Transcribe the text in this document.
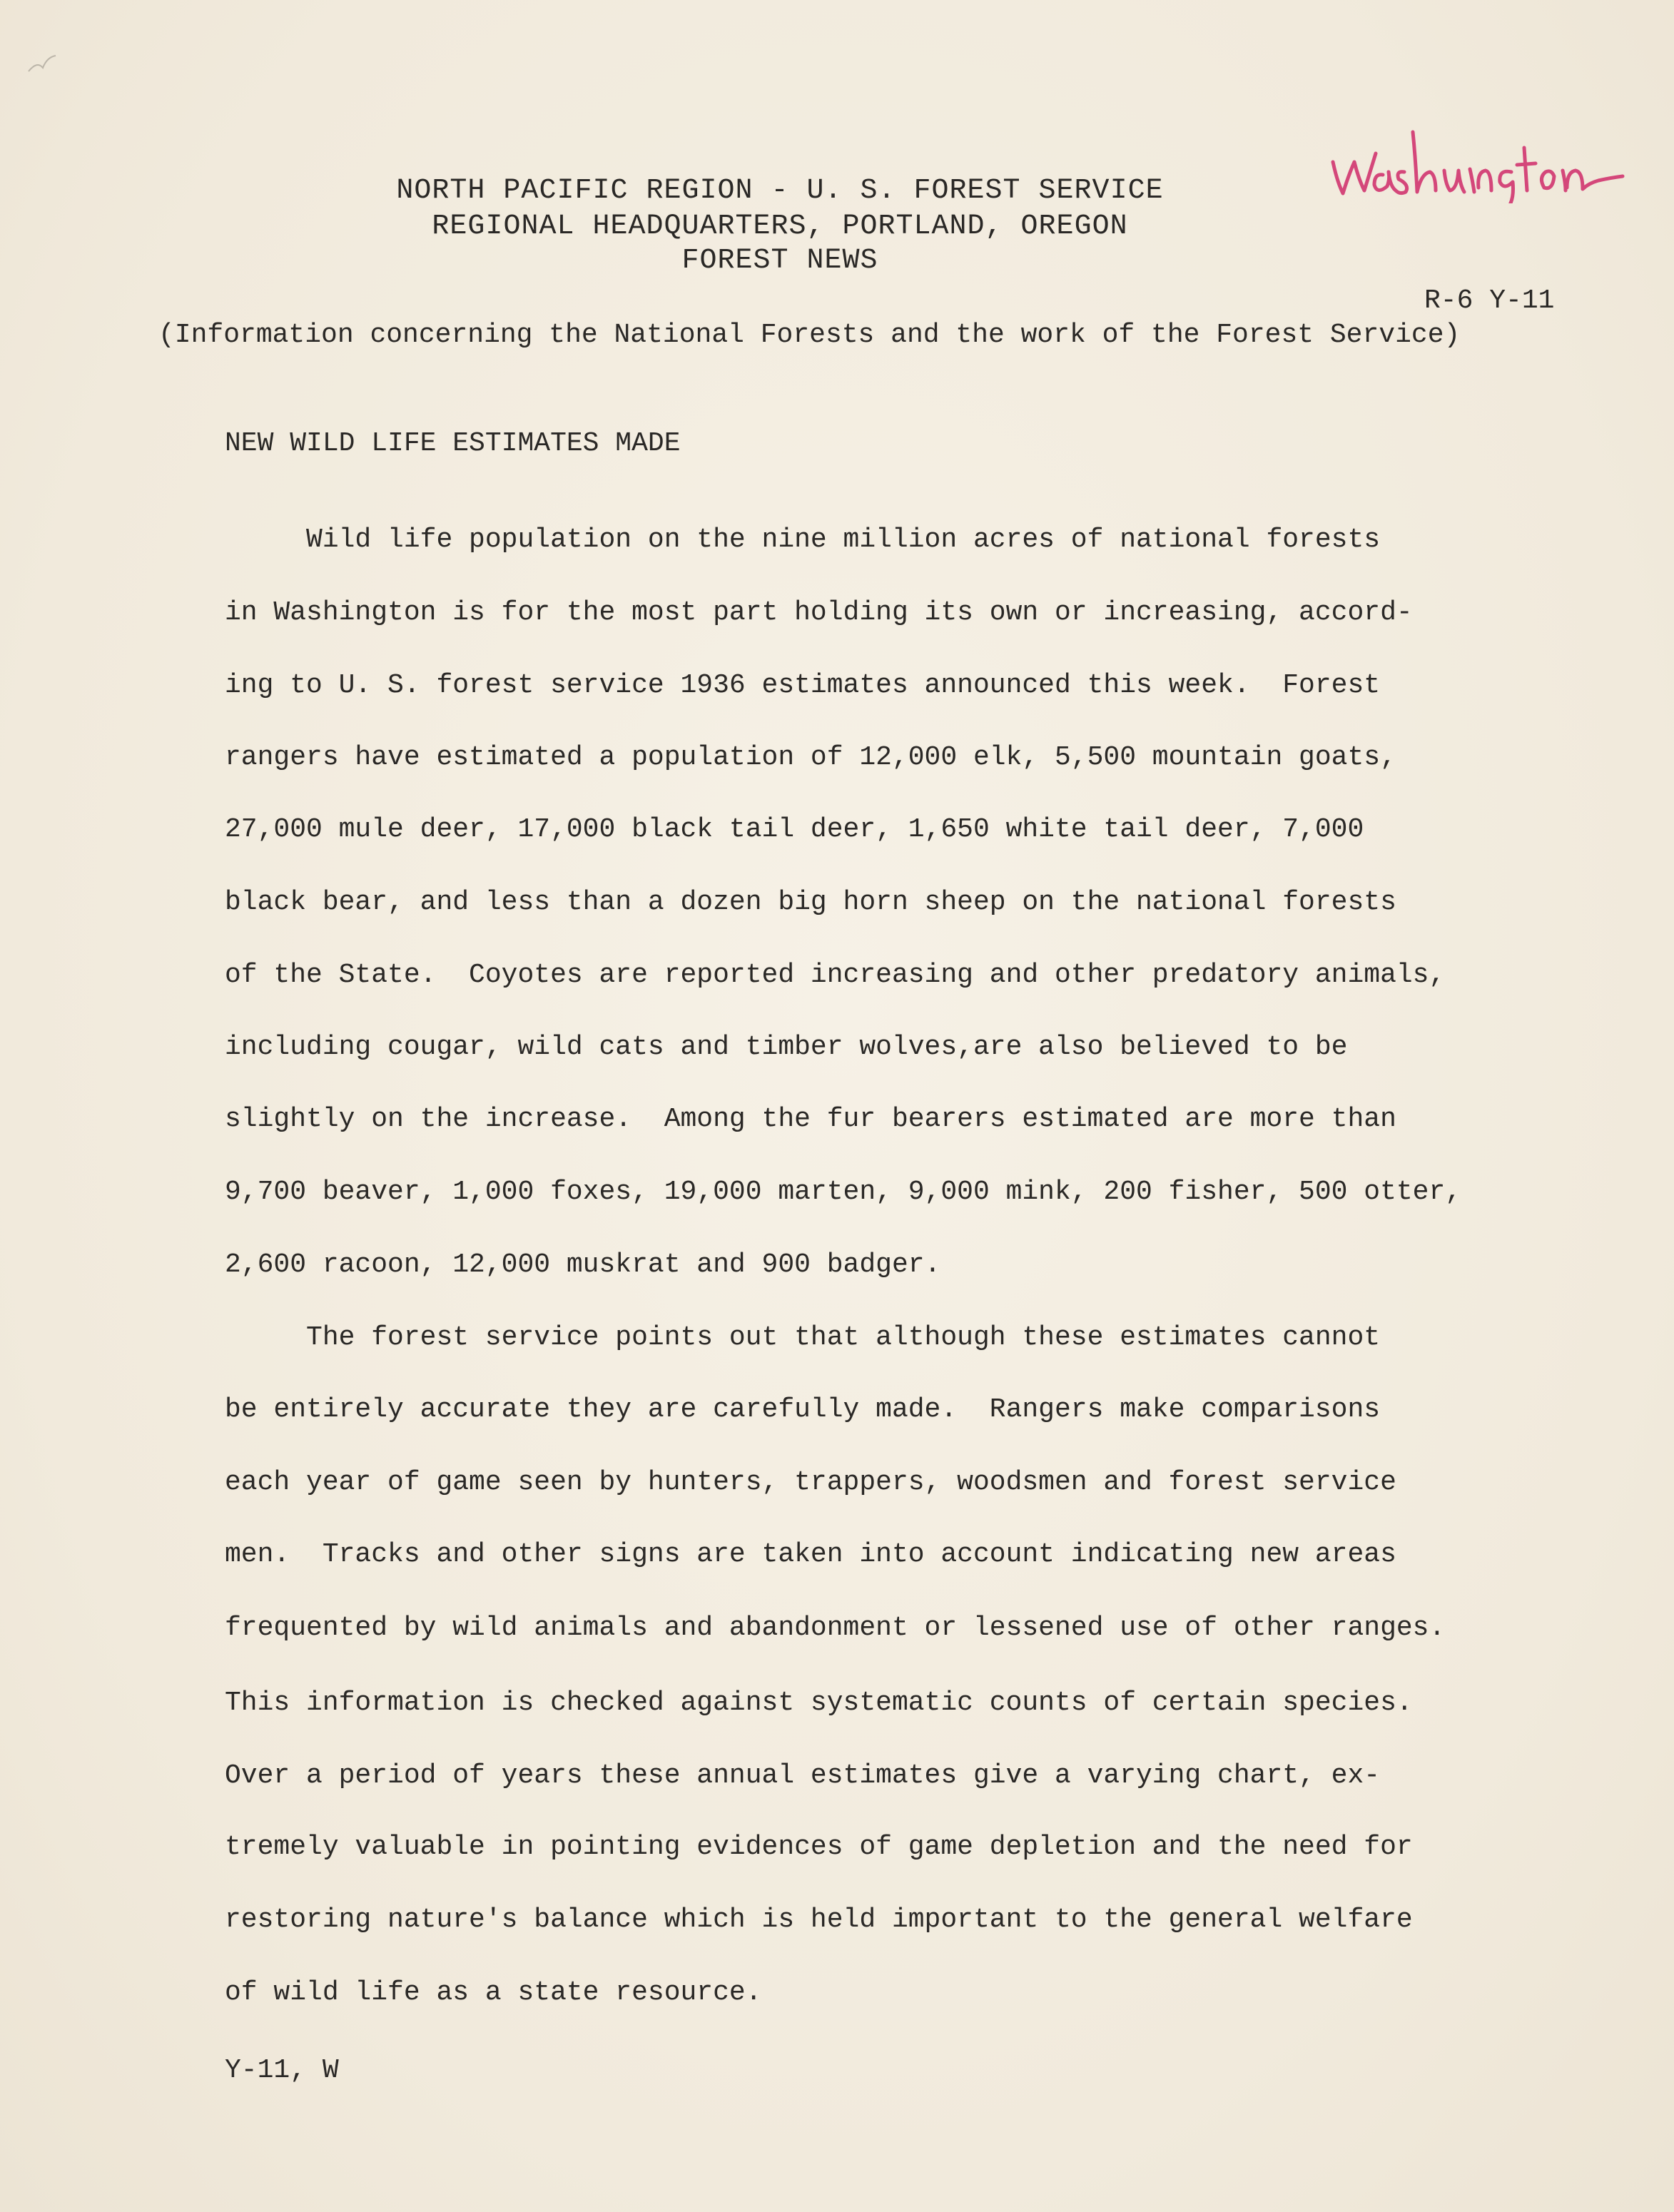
NORTH PACIFIC REGION - U. S. FOREST SERVICE
REGIONAL HEADQUARTERS, PORTLAND, OREGON
FOREST NEWS
R-6 Y-11
(Information concerning the National Forests and the work of the Forest Service)
NEW WILD LIFE ESTIMATES MADE
Wild life population on the nine million acres of national forests
in Washington is for the most part holding its own or increasing, accord-
ing to U. S. forest service 1936 estimates announced this week.  Forest
rangers have estimated a population of 12,000 elk, 5,500 mountain goats,
27,000 mule deer, 17,000 black tail deer, 1,650 white tail deer, 7,000
black bear, and less than a dozen big horn sheep on the national forests
of the State.  Coyotes are reported increasing and other predatory animals,
including cougar, wild cats and timber wolves,are also believed to be
slightly on the increase.  Among the fur bearers estimated are more than
9,700 beaver, 1,000 foxes, 19,000 marten, 9,000 mink, 200 fisher, 500 otter,
2,600 racoon, 12,000 muskrat and 900 badger.
The forest service points out that although these estimates cannot
be entirely accurate they are carefully made.  Rangers make comparisons
each year of game seen by hunters, trappers, woodsmen and forest service
men.  Tracks and other signs are taken into account indicating new areas
frequented by wild animals and abandonment or lessened use of other ranges.
This information is checked against systematic counts of certain species.
Over a period of years these annual estimates give a varying chart, ex-
tremely valuable in pointing evidences of game depletion and the need for
restoring nature's balance which is held important to the general welfare
of wild life as a state resource.
Y-11, W
